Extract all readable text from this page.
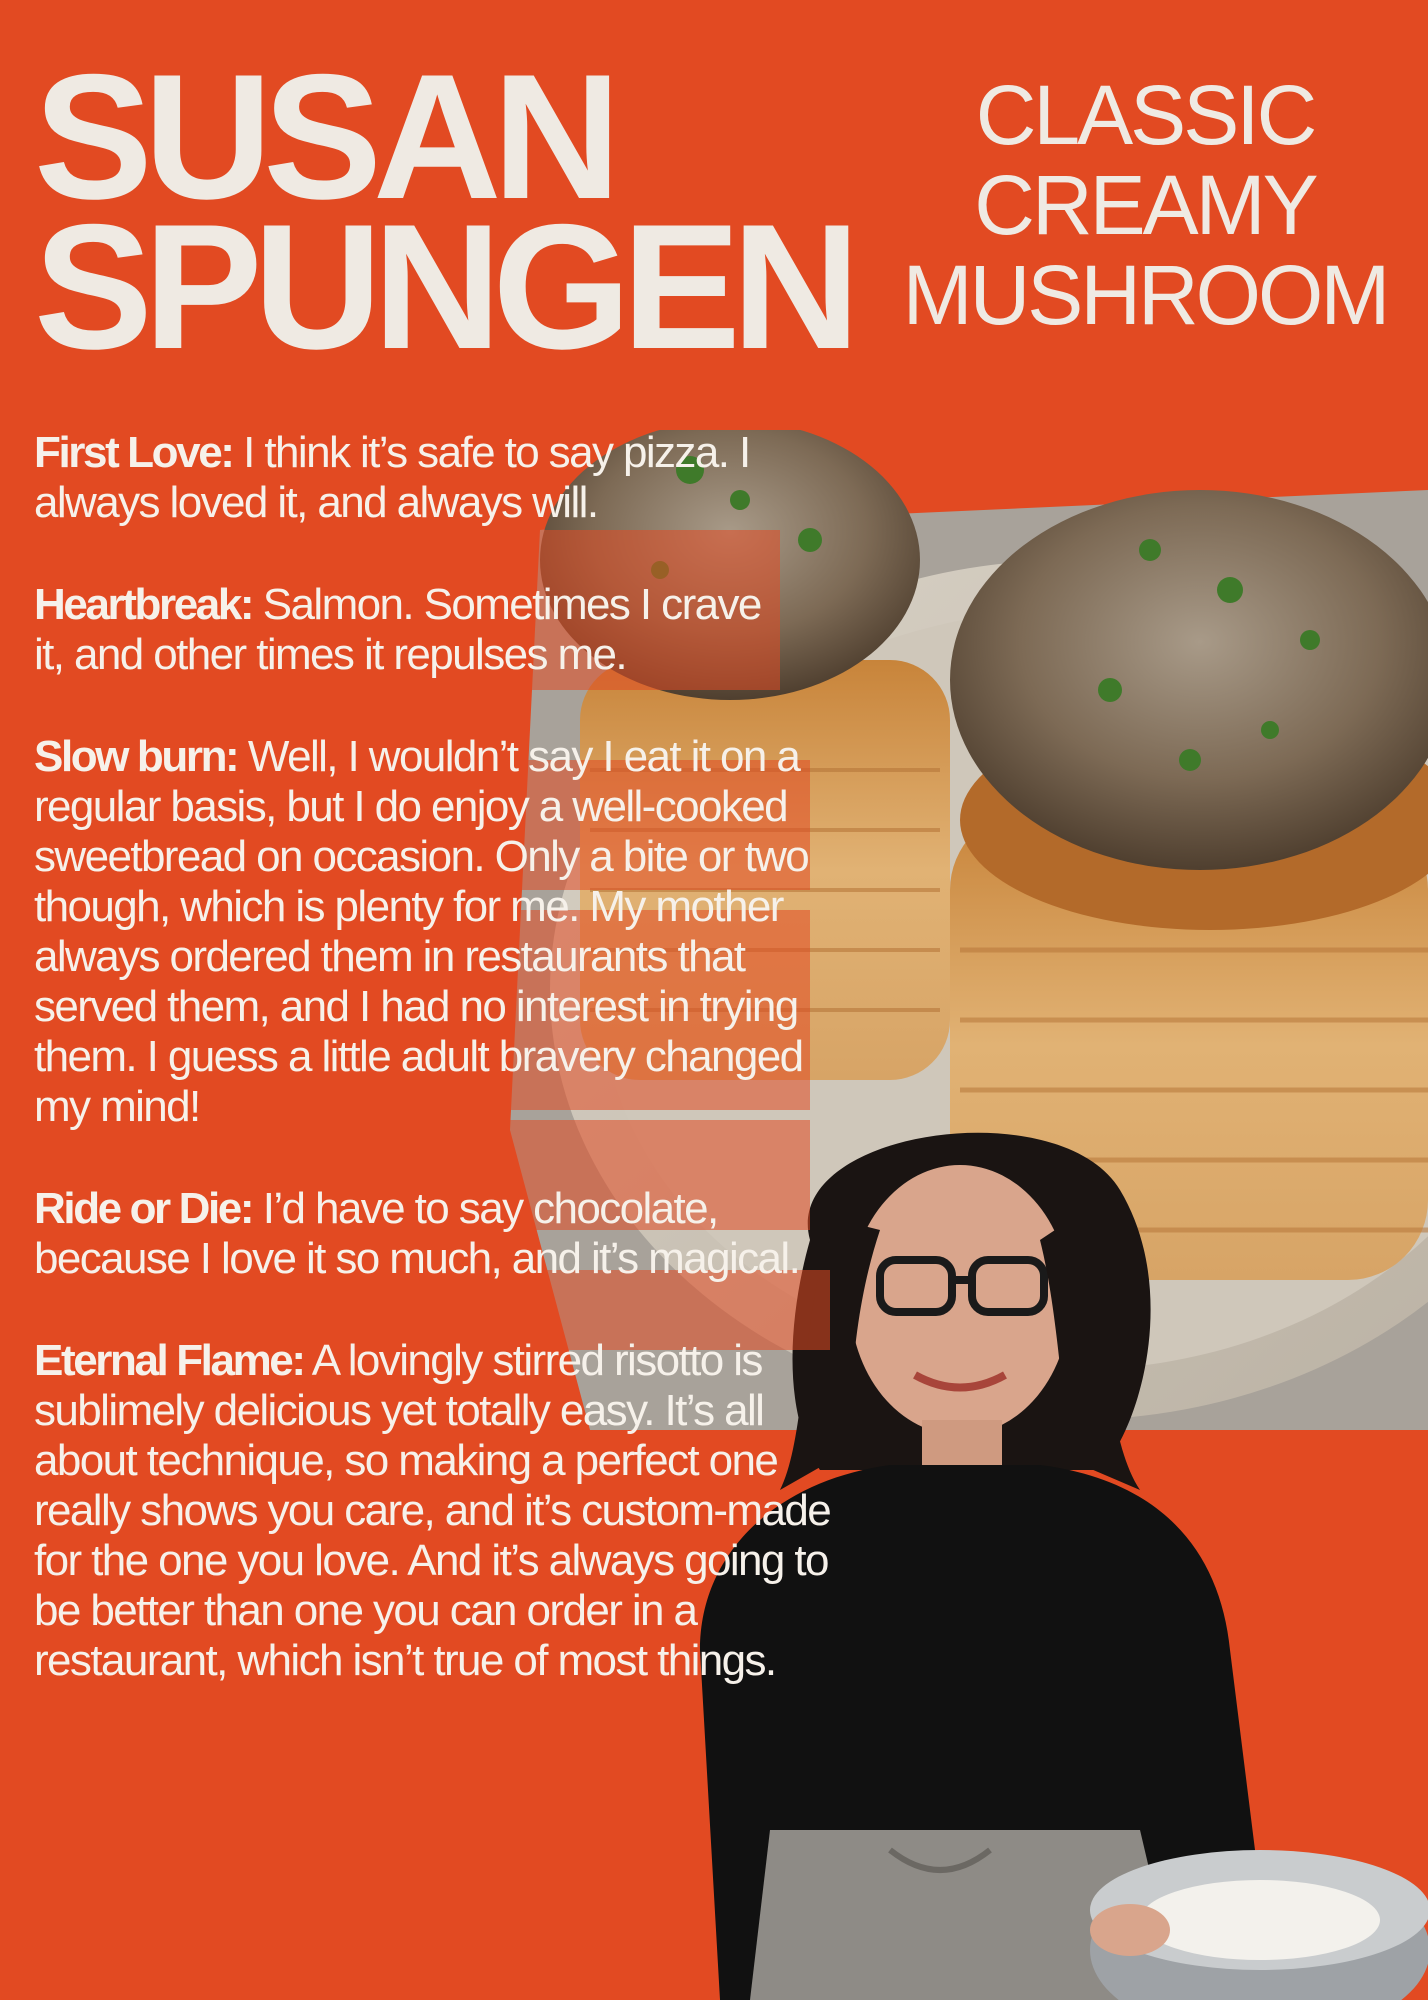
SUSAN
SPUNGEN
CLASSIC
CREAMY
MUSHROOM

First Love: I think it’s safe to say pizza. I always loved it, and always will.

Heartbreak: Salmon. Sometimes I crave it, and other times it repulses me.

Slow burn: Well, I wouldn’t say I eat it on a regular basis, but I do enjoy a well-cooked sweetbread on occasion. Only a bite or two though, which is plenty for me. My mother always ordered them in restaurants that served them, and I had no interest in trying them. I guess a little adult bravery changed my mind!

Ride or Die: I’d have to say chocolate, because I love it so much, and it’s magical.

Eternal Flame: A lovingly stirred risotto is sublimely delicious yet totally easy. It’s all about technique, so making a perfect one really shows you care, and it’s custom-made for the one you love. And it’s always going to be better than one you can order in a restaurant, which isn’t true of most things.
